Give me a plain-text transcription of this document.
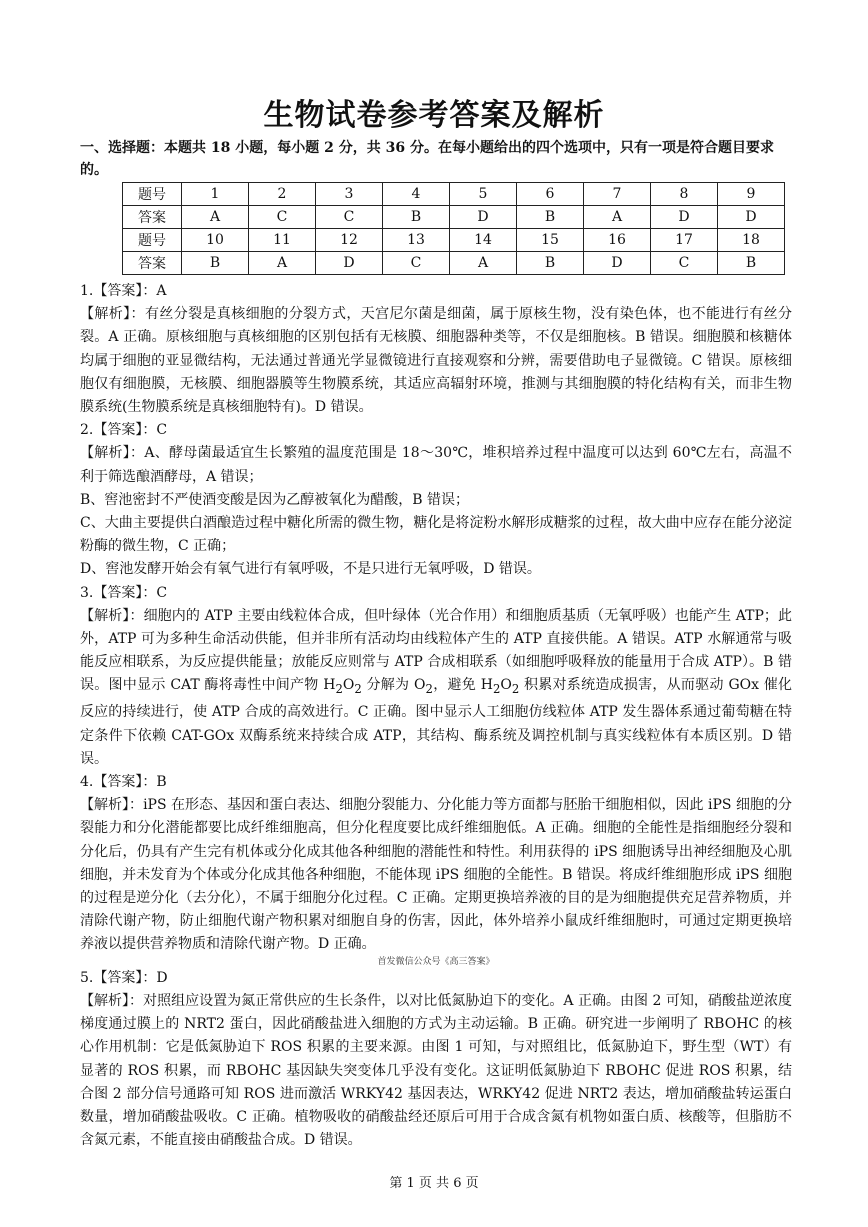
生物试卷参考答案及解析
一、选择题：本题共 18 小题，每小题 2 分，共 36 分。在每小题给出的四个选项中，只有一项是符合题目要求的。
题号	1	2	3	4	5	6	7	8	9
答案	A	C	C	B	D	B	A	D	D
题号	10	11	12	13	14	15	16	17	18
答案	B	A	D	C	A	B	D	C	B

1.【答案】：A

【解析】：有丝分裂是真核细胞的分裂方式，天宫尼尔菌是细菌，属于原核生物，没有染色体，也不能进行有丝分裂。A 正确。原核细胞与真核细胞的区别包括有无核膜、细胞器种类等，不仅是细胞核。B 错误。细胞膜和核糖体均属于细胞的亚显微结构，无法通过普通光学显微镜进行直接观察和分辨，需要借助电子显微镜。C 错误。原核细胞仅有细胞膜，无核膜、细胞器膜等生物膜系统，其适应高辐射环境，推测与其细胞膜的特化结构有关，而非生物膜系统(生物膜系统是真核细胞特有)。D 错误。

2.【答案】：C

【解析】：A、酵母菌最适宜生长繁殖的温度范围是 18～30℃，堆积培养过程中温度可以达到 60℃左右，高温不利于筛选酿酒酵母，A 错误；

B、窖池密封不严使酒变酸是因为乙醇被氧化为醋酸，B 错误；

C、大曲主要提供白酒酿造过程中糖化所需的微生物，糖化是将淀粉水解形成糖浆的过程，故大曲中应存在能分泌淀粉酶的微生物，C 正确；

D、窖池发酵开始会有氧气进行有氧呼吸，不是只进行无氧呼吸，D 错误。

3.【答案】：C

【解析】：细胞内的 ATP 主要由线粒体合成，但叶绿体（光合作用）和细胞质基质（无氧呼吸）也能产生 ATP；此外，ATP 可为多种生命活动供能，但并非所有活动均由线粒体产生的 ATP 直接供能。A 错误。ATP 水解通常与吸能反应相联系，为反应提供能量；放能反应则常与 ATP 合成相联系（如细胞呼吸释放的能量用于合成 ATP）。B 错误。图中显示 CAT 酶将毒性中间产物 $H_2O_2$ 分解为 $O_2$，避免 $H_2O_2$ 积累对系统造成损害，从而驱动 GOx 催化反应的持续进行，使 ATP 合成的高效进行。C 正确。图中显示人工细胞仿线粒体 ATP 发生器体系通过葡萄糖在特定条件下依赖 CAT-GOx 双酶系统来持续合成 ATP，其结构、酶系统及调控机制与真实线粒体有本质区别。D 错误。

4.【答案】：B

【解析】：iPS 在形态、基因和蛋白表达、细胞分裂能力、分化能力等方面都与胚胎干细胞相似，因此 iPS 细胞的分裂能力和分化潜能都要比成纤维细胞高，但分化程度要比成纤维细胞低。A 正确。细胞的全能性是指细胞经分裂和分化后，仍具有产生完有机体或分化成其他各种细胞的潜能性和特性。利用获得的 iPS 细胞诱导出神经细胞及心肌细胞，并未发育为个体或分化成其他各种细胞，不能体现 iPS 细胞的全能性。B 错误。将成纤维细胞形成 iPS 细胞的过程是逆分化（去分化），不属于细胞分化过程。C 正确。定期更换培养液的目的是为细胞提供充足营养物质，并清除代谢产物，防止细胞代谢产物积累对细胞自身的伤害，因此，体外培养小鼠成纤维细胞时，可通过定期更换培养液以提供营养物质和清除代谢产物。D 正确。

首发微信公众号《高三答案》

5.【答案】：D

【解析】：对照组应设置为氮正常供应的生长条件，以对比低氮胁迫下的变化。A 正确。由图 2 可知，硝酸盐逆浓度梯度通过膜上的 NRT2 蛋白，因此硝酸盐进入细胞的方式为主动运输。B 正确。研究进一步阐明了 RBOHC 的核心作用机制：它是低氮胁迫下 ROS 积累的主要来源。由图 1 可知，与对照组比，低氮胁迫下，野生型（WT）有显著的 ROS 积累，而 RBOHC 基因缺失突变体几乎没有变化。这证明低氮胁迫下 RBOHC 促进 ROS 积累，结合图 2 部分信号通路可知 ROS 进而激活 WRKY42 基因表达，WRKY42 促进 NRT2 表达，增加硝酸盐转运蛋白数量，增加硝酸盐吸收。C 正确。植物吸收的硝酸盐经还原后可用于合成含氮有机物如蛋白质、核酸等，但脂肪不含氮元素，不能直接由硝酸盐合成。D 错误。

第 1 页 共 6 页
